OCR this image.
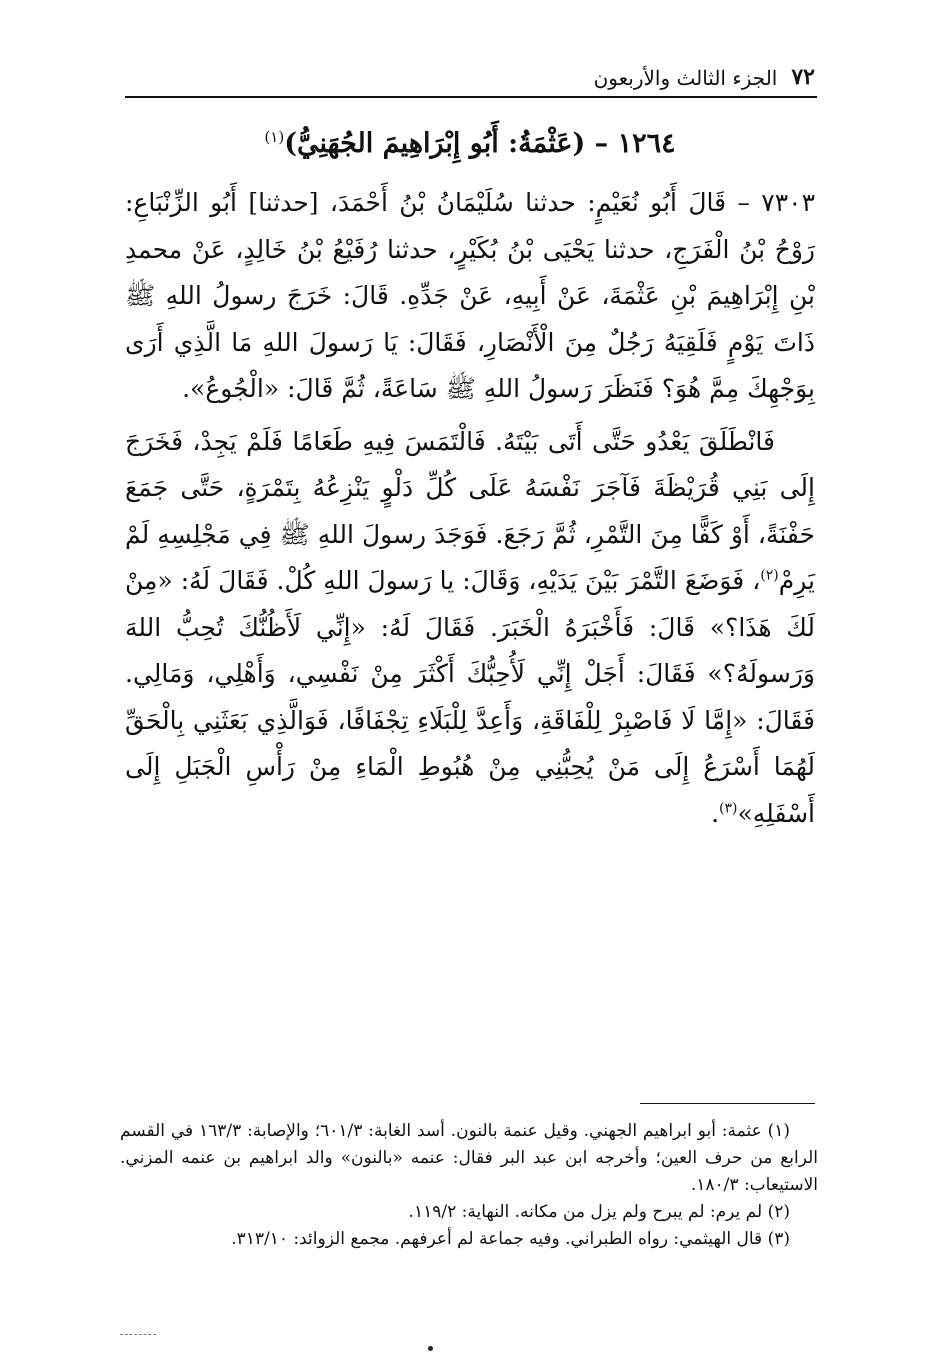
٧٢
الجزء الثالث والأربعون
١٢٦٤ – (عَثْمَةُ: أَبُو إِبْرَاهِيمَ الجُهَنِيُّ)$^{(١)}$

٧٣٠٣ – قَالَ أَبُو نُعَيْمٍ: حدثنا سُلَيْمَانُ بْنُ أَحْمَدَ، [حدثنا] أَبُو الزِّنْبَاعِ: رَوْحُ بْنُ الْفَرَجِ، حدثنا يَحْيَى بْنُ بُكَيْرٍ، حدثنا رُفَيْعُ بْنُ خَالِدٍ، عَنْ محمدِ بْنِ إِبْرَاهِيمَ بْنِ عَثْمَةَ، عَنْ أَبِيهِ، عَنْ جَدِّهِ. قَالَ: خَرَجَ رسولُ اللهِ ﷺ ذَاتَ يَوْمٍ فَلَقِيَهُ رَجُلٌ مِنَ الْأَنْصَارِ، فَقَالَ: يَا رَسولَ اللهِ مَا الَّذِي أَرَى بِوَجْهِكَ مِمَّ هُوَ؟ فَنَظَرَ رَسولُ اللهِ ﷺ سَاعَةً، ثُمَّ قَالَ: «الْجُوعُ».

فَانْطَلَقَ يَعْدُو حَتَّى أَتَى بَيْتَهُ. فَالْتَمَسَ فِيهِ طَعَامًا فَلَمْ يَجِدْ، فَخَرَجَ إِلَى بَنِي قُرَيْظَةَ فَآجَرَ نَفْسَهُ عَلَى كُلِّ دَلْوٍ يَنْزِعُهُ بِتَمْرَةٍ، حَتَّى جَمَعَ حَفْنَةً، أَوْ كَفًّا مِنَ التَّمْرِ، ثُمَّ رَجَعَ. فَوَجَدَ رسولَ اللهِ ﷺ فِي مَجْلِسِهِ لَمْ يَرِمْ$^{(٢)}$، فَوَضَعَ التَّمْرَ بَيْنَ يَدَيْهِ، وَقَالَ: يا رَسولَ اللهِ كُلْ. فَقَالَ لَهُ: «مِنْ لَكَ هَذَا؟» قَالَ: فَأَخْبَرَهُ الْخَبَرَ. فَقَالَ لَهُ: «إِنِّي لَأَظُنُّكَ تُحِبُّ اللهَ وَرَسولَهُ؟» فَقَالَ: أَجَلْ إِنِّي لَأُحِبُّكَ أَكْثَرَ مِنْ نَفْسِي، وَأَهْلِي، وَمَالِي. فَقَالَ: «إِمَّا لَا فَاصْبِرْ لِلْفَاقَةِ، وَأَعِدَّ لِلْبَلَاءِ تِجْفَافًا، فَوَالَّذِي بَعَثَنِي بِالْحَقِّ لَهُمَا أَسْرَعُ إِلَى مَنْ يُحِبُّنِي مِنْ هُبُوطِ الْمَاءِ مِنْ رَأْسِ الْجَبَلِ إِلَى أَسْفَلِهِ»$^{(٣)}$.

(١) عثمة: أبو ابراهيم الجهني. وقيل عنمة بالنون. أسد الغابة: ٦٠١/٣؛ والإصابة: ١٦٣/٣ في القسم الرابع من حرف العين؛ وأخرجه ابن عبد البر فقال: عنمه «بالنون» والد ابراهيم بن عنمه المزني. الاستيعاب: ١٨٠/٣.

(٢) لم يرم: لم يبرح ولم يزل من مكانه. النهاية: ١١٩/٢.

(٣) قال الهيثمي: رواه الطبراني. وفيه جماعة لم أعرفهم. مجمع الزوائد: ٣١٣/١٠.
